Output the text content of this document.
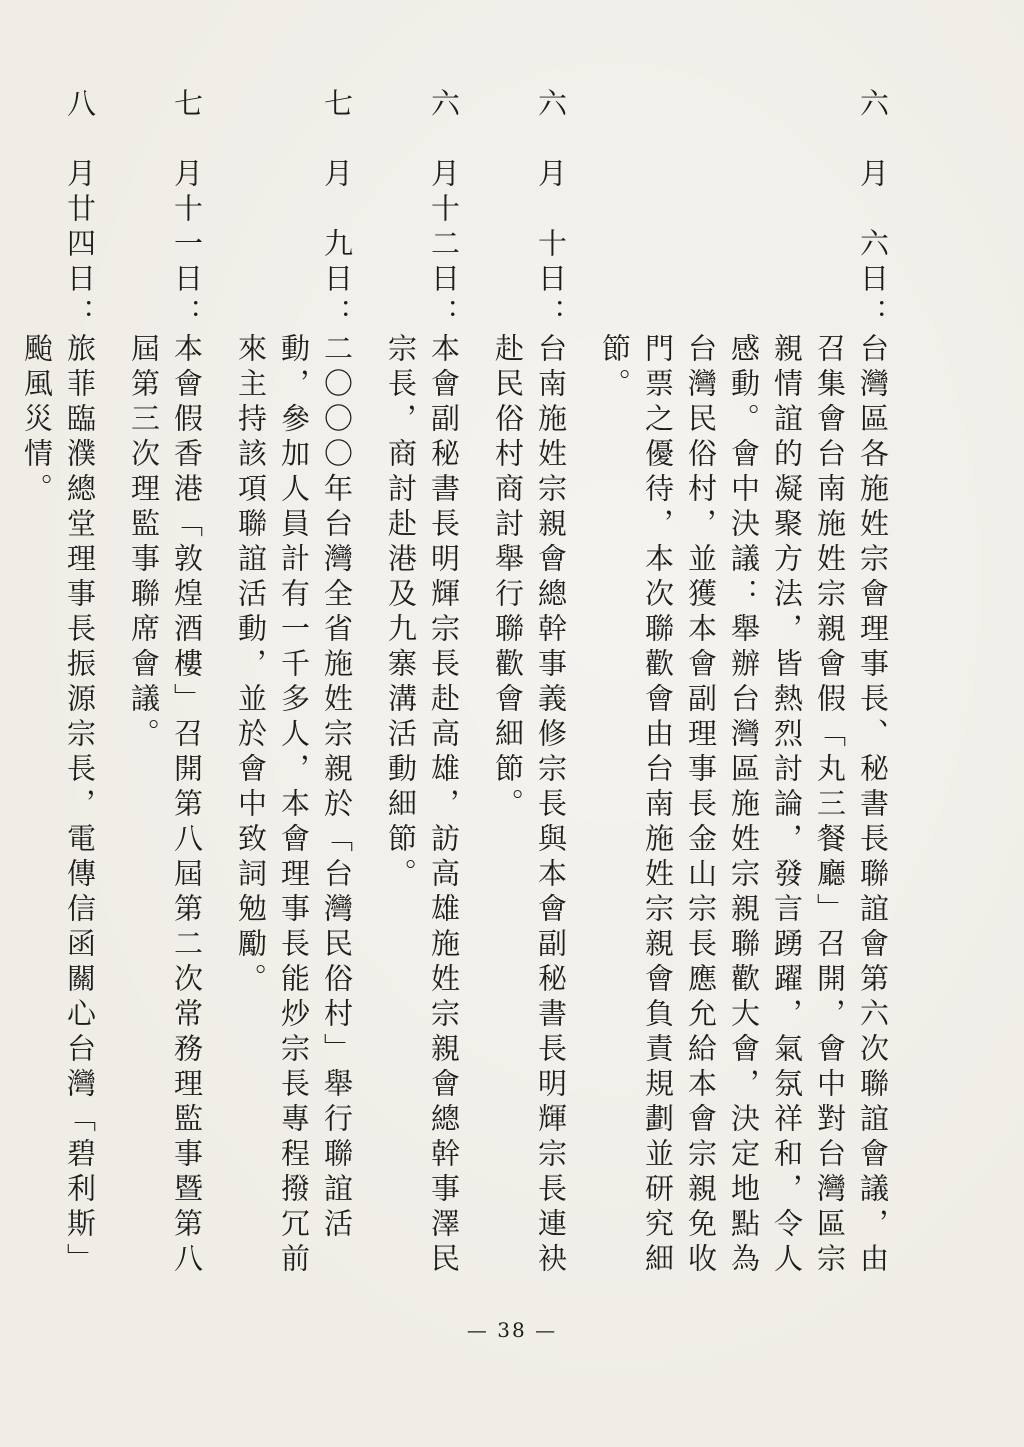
六　月　六日：
台灣區各施姓宗會理事長、秘書長聯誼會第六次聯誼會議，由召集會台南施姓宗親會假「丸三餐廳」召開，會中對台灣區宗親情誼的凝聚方法，皆熱烈討論，發言踴躍，氣氛祥和，令人感動。會中決議：舉辦台灣區施姓宗親聯歡大會，決定地點為台灣民俗村，並獲本會副理事長金山宗長應允給本會宗親免收門票之優待，本次聯歡會由台南施姓宗親會負責規劃並研究細節。
六　月　十日：
台南施姓宗親會總幹事義修宗長與本會副秘書長明輝宗長連袂赴民俗村商討舉行聯歡會細節。
六　月十二日：
本會副秘書長明輝宗長赴高雄，訪高雄施姓宗親會總幹事澤民宗長，商討赴港及九寨溝活動細節。
七　月　九日：
二〇〇〇年台灣全省施姓宗親於「台灣民俗村」舉行聯誼活動，參加人員計有一千多人，本會理事長能炒宗長專程撥冗前來主持該項聯誼活動，並於會中致詞勉勵。
七　月十一日：
本會假香港「敦煌酒樓」召開第八屆第二次常務理監事暨第八屆第三次理監事聯席會議。
八　月廿四日：
旅菲臨濮總堂理事長振源宗長，電傳信函關心台灣「碧利斯」颱風災情。
— 38 —
